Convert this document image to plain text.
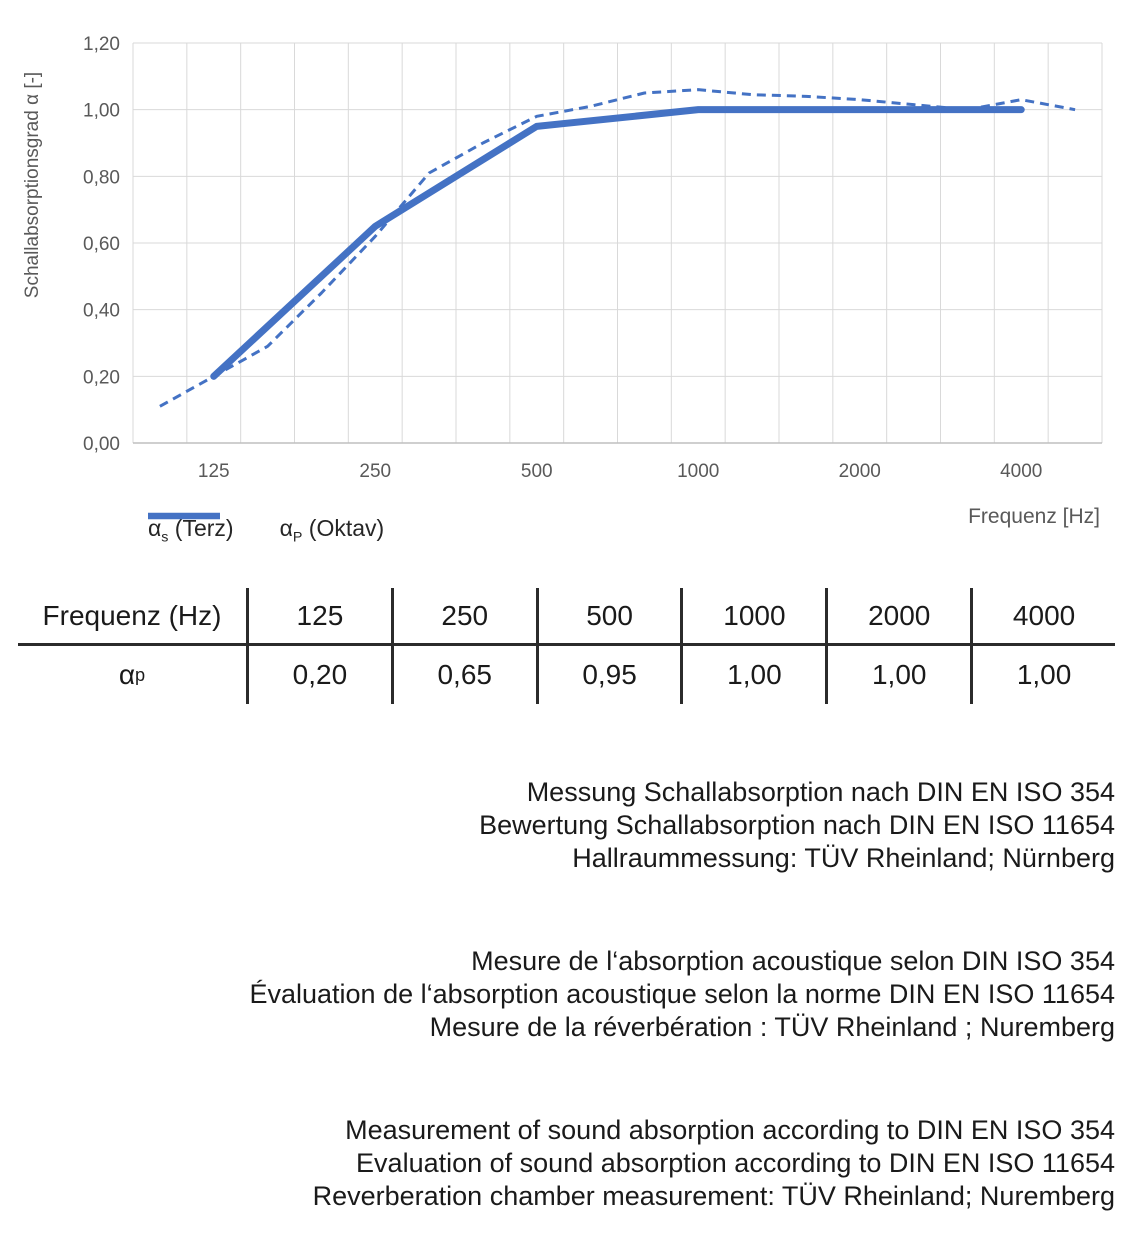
0,00
0,20
0,40
0,60
0,80
1,00
1,20
125	250	500	1000	2000	4000
Frequenz [Hz]
Schallabsorptionsgrad α [-]
$\alpha_s$ (Terz) $\alpha_P$ (Oktav)
Frequenz (Hz)	125	250	500	1000	2000	4000
α p	0,20	0,65	0,95	1,00	1,00	1,00
Messung Schallabsorption nach DIN EN ISO 354
Bewertung Schallabsorption nach DIN EN ISO 11654
Hallraummessung: TÜV Rheinland; Nürnberg
Mesure de l‘absorption acoustique selon DIN ISO 354
Évaluation de l‘absorption acoustique selon la norme DIN EN ISO 11654
Mesure de la réverbération : TÜV Rheinland ; Nuremberg
Measurement of sound absorption according to DIN EN ISO 354
Evaluation of sound absorption according to DIN EN ISO 11654
Reverberation chamber measurement: TÜV Rheinland; Nuremberg
